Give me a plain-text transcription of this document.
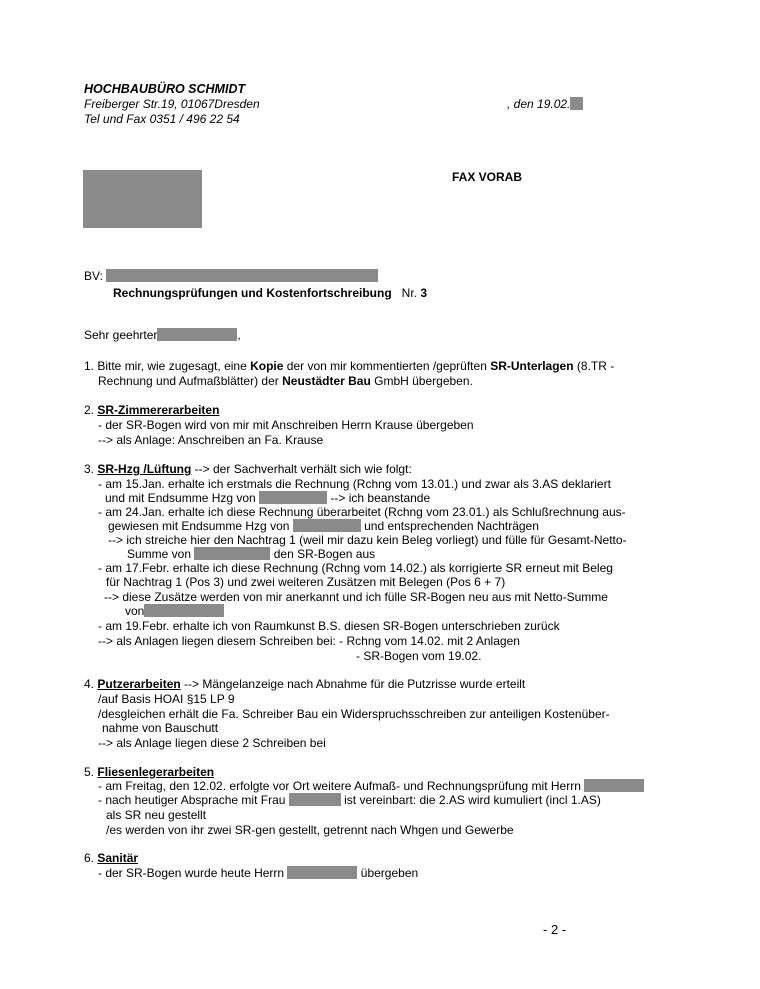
HOCHBAUBÜRO SCHMIDT
Freiberger Str.19, 01067Dresden
Tel und Fax 0351 / 496 22 54
, den 19.02.
FAX VORAB
BV:
Rechnungsprüfungen und Kostenfortschreibung Nr. 3
Sehr geehrter	,
1. Bitte mir, wie zugesagt, eine Kopie der von mir kommentierten /geprüften SR-Unterlagen (8.TR -
Rechnung und Aufmaßblätter) der Neustädter Bau GmbH übergeben.
2. SR-Zimmererarbeiten
- der SR-Bogen wird von mir mit Anschreiben Herrn Krause übergeben
--> als Anlage: Anschreiben an Fa. Krause
3. SR-Hzg /Lüftung --> der Sachverhalt verhält sich wie folgt:
- am 15.Jan. erhalte ich erstmals die Rechnung (Rchng vom 13.01.) und zwar als 3.AS deklariert
und mit Endsumme Hzg von	--> ich beanstande
- am 24.Jan. erhalte ich diese Rechnung überarbeitet (Rchng vom 23.01.) als Schlußrechnung aus-
gewiesen mit Endsumme Hzg von	und entsprechenden Nachträgen
--> ich streiche hier den Nachtrag 1 (weil mir dazu kein Beleg vorliegt) und fülle für Gesamt-Netto-
Summe von	den SR-Bogen aus
- am 17.Febr. erhalte ich diese Rechnung (Rchng vom 14.02.) als korrigierte SR erneut mit Beleg
für Nachtrag 1 (Pos 3) und zwei weiteren Zusätzen mit Belegen (Pos 6 + 7)
--> diese Zusätze werden von mir anerkannt und ich fülle SR-Bogen neu aus mit Netto-Summe
von
- am 19.Febr. erhalte ich von Raumkunst B.S. diesen SR-Bogen unterschrieben zurück
--> als Anlagen liegen diesem Schreiben bei: - Rchng vom 14.02. mit 2 Anlagen
- SR-Bogen vom 19.02.
4. Putzerarbeiten --> Mängelanzeige nach Abnahme für die Putzrisse wurde erteilt
/auf Basis HOAI §15 LP 9
/desgleichen erhält die Fa. Schreiber Bau ein Widerspruchsschreiben zur anteiligen Kostenüber-
nahme von Bauschutt
--> als Anlage liegen diese 2 Schreiben bei
5. Fliesenlegerarbeiten
- am Freitag, den 12.02. erfolgte vor Ort weitere Aufmaß- und Rechnungsprüfung mit Herrn
- nach heutiger Absprache mit Frau	ist vereinbart: die 2.AS wird kumuliert (incl 1.AS)
als SR neu gestellt
/es werden von ihr zwei SR-gen gestellt, getrennt nach Whgen und Gewerbe
6. Sanitär
- der SR-Bogen wurde heute Herrn	übergeben
- 2 -
